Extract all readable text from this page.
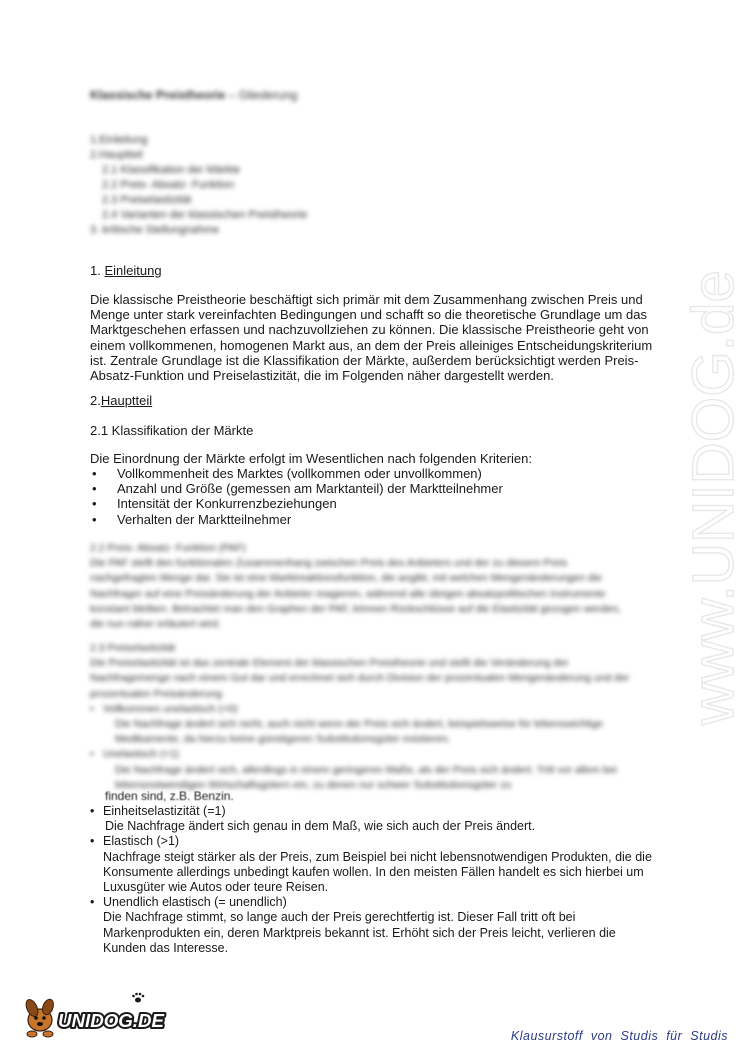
Klassische Preistheorie – Gliederung
1.Einleitung
2.Hauptteil
2.1 Klassifikation der Märkte
2.2 Preis- Absatz- Funktion
2.3 Preiselastizität
2.4 Varianten der klassischen Preistheorie
3. kritische Stellungnahme
1. Einleitung
Die klassische Preistheorie beschäftigt sich primär mit dem Zusammenhang zwischen Preis und Menge unter stark vereinfachten Bedingungen und schafft so die theoretische Grundlage um das Marktgeschehen erfassen und nachzuvollziehen zu können. Die klassische Preistheorie geht von einem vollkommenen, homogenen Markt aus, an dem der Preis alleiniges Entscheidungskriterium ist. Zentrale Grundlage ist die Klassifikation der Märkte, außerdem berücksichtigt werden Preis-Absatz-Funktion und Preiselastizität, die im Folgenden näher dargestellt werden.
2.Hauptteil
2.1 Klassifikation der Märkte
Die Einordnung der Märkte erfolgt im Wesentlichen nach folgenden Kriterien:
• Vollkommenheit des Marktes (vollkommen oder unvollkommen)
• Anzahl und Größe (gemessen am Marktanteil) der Marktteilnehmer
• Intensität der Konkurrenzbeziehungen
• Verhalten der Marktteilnehmer
2.2 Preis- Absatz- Funktion (PAF)
Die PAF stellt den funktionalen Zusammenhang zwischen Preis des Anbieters und der zu diesem Preis nachgefragten Menge dar. Sie ist eine Marktreaktionsfunktion, die angibt, mit welchen Mengenänderungen die Nachfrager auf eine Preisänderung der Anbieter reagieren, während alle übrigen absatzpolitischen Instrumente konstant bleiben. Betrachtet man den Graphen der PAF, können Rückschlüsse auf die Elastizität gezogen werden, die nun näher erläutert wird.
2.3 Preiselastizität
Die Preiselastizität ist das zentrale Element der klassischen Preistheorie und stellt die Veränderung der Nachfragemenge nach einem Gut dar und errechnet sich durch Division der prozentualen Mengenänderung und der prozentualen Preisänderung
• Vollkommen unelastisch (=0)
Die Nachfrage ändert sich nicht, auch nicht wenn der Preis sich ändert, beispielsweise für lebenswichtige Medikamente, da hierzu keine günstigeren Substitutionsgüter existieren.
• Unelastisch (<1)
Die Nachfrage ändert sich, allerdings in einem geringeren Maße, als der Preis sich ändert. Tritt vor allem bei lebensnotwendigen Wirtschaftsgütern ein, zu denen nur schwer Substitutionsgüter zu
finden sind, z.B. Benzin.
• Einheitselastizität (=1)
Die Nachfrage ändert sich genau in dem Maß, wie sich auch der Preis ändert.
• Elastisch (>1)
Nachfrage steigt stärker als der Preis, zum Beispiel bei nicht lebensnotwendigen Produkten, die die Konsumente allerdings unbedingt kaufen wollen. In den meisten Fällen handelt es sich hierbei um Luxusgüter wie Autos oder teure Reisen.
• Unendlich elastisch (= unendlich)
Die Nachfrage stimmt, so lange auch der Preis gerechtfertig ist. Dieser Fall tritt oft bei Markenprodukten ein, deren Marktpreis bekannt ist. Erhöht sich der Preis leicht, verlieren die Kunden das Interesse.
www.UNIDOG.de
UNIDOG.DE
Klausurstoff von Studis für Studis
